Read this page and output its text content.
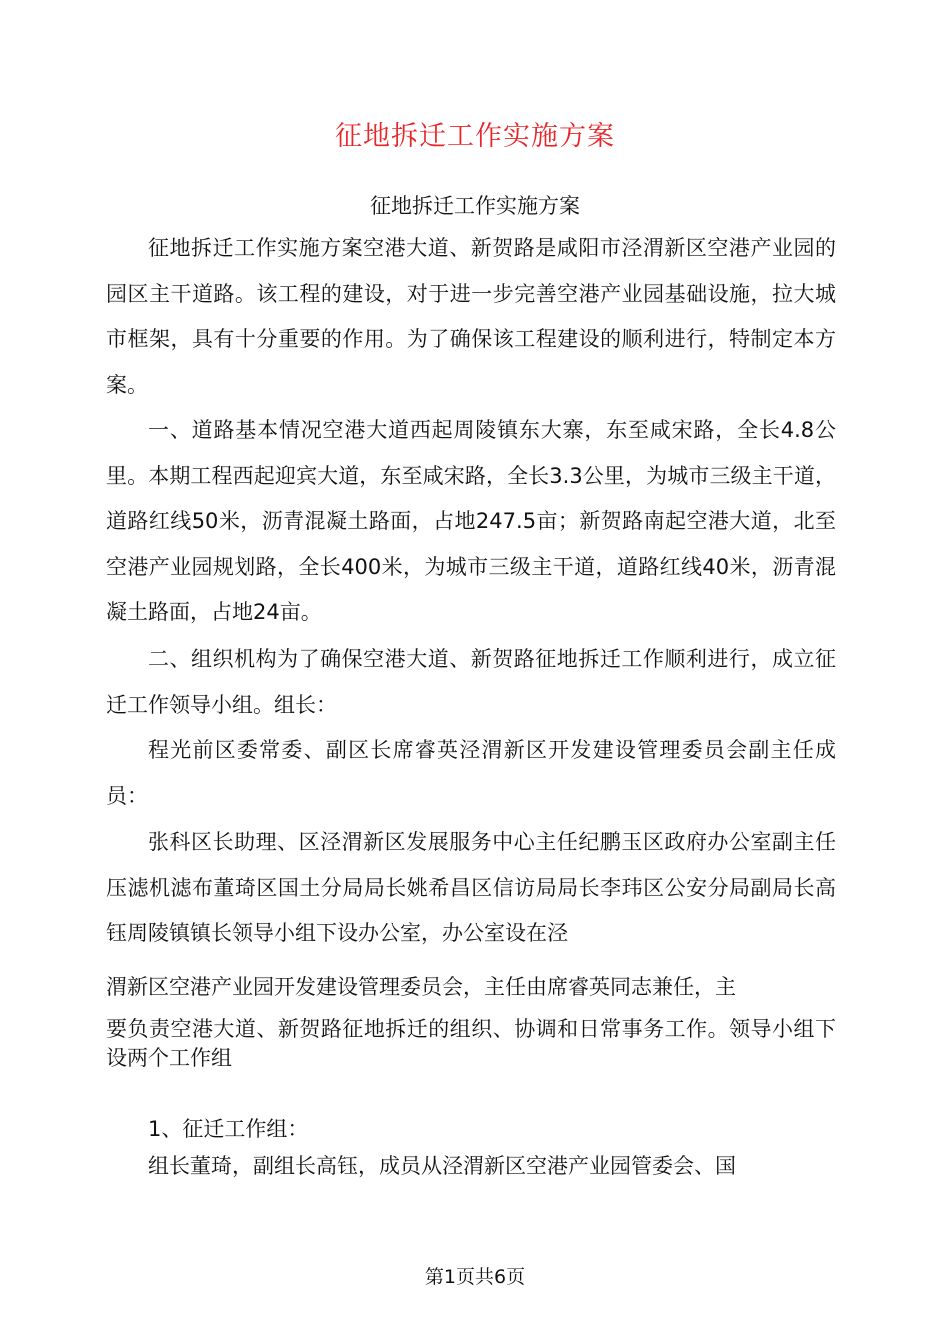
征地拆迁工作实施方案
征地拆迁工作实施方案

征地拆迁工作实施方案空港大道、新贺路是咸阳市泾渭新区空港产业园的园区主干道路。该工程的建设，对于进一步完善空港产业园基础设施，拉大城市框架，具有十分重要的作用。为了确保该工程建设的顺利进行，特制定本方案。

一、道路基本情况空港大道西起周陵镇东大寨，东至咸宋路，全长4.8公里。本期工程西起迎宾大道，东至咸宋路，全长3.3公里，为城市三级主干道，道路红线50米，沥青混凝土路面，占地247.5亩；新贺路南起空港大道，北至空港产业园规划路，全长400米，为城市三级主干道，道路红线40米，沥青混凝土路面，占地24亩。

二、组织机构为了确保空港大道、新贺路征地拆迁工作顺利进行，成立征迁工作领导小组。组长：

程光前区委常委、副区长席睿英泾渭新区开发建设管理委员会副主任成员：

张科区长助理、区泾渭新区发展服务中心主任纪鹏玉区政府办公室副主任压滤机滤布董琦区国土分局局长姚希昌区信访局局长李玮区公安分局副局长高钰周陵镇镇长领导小组下设办公室，办公室设在泾

渭新区空港产业园开发建设管理委员会，主任由席睿英同志兼任，主

要负责空港大道、新贺路征地拆迁的组织、协调和日常事务工作。领导小组下设两个工作组

1、征迁工作组：

组长董琦，副组长高钰，成员从泾渭新区空港产业园管委会、国

第1页共6页
